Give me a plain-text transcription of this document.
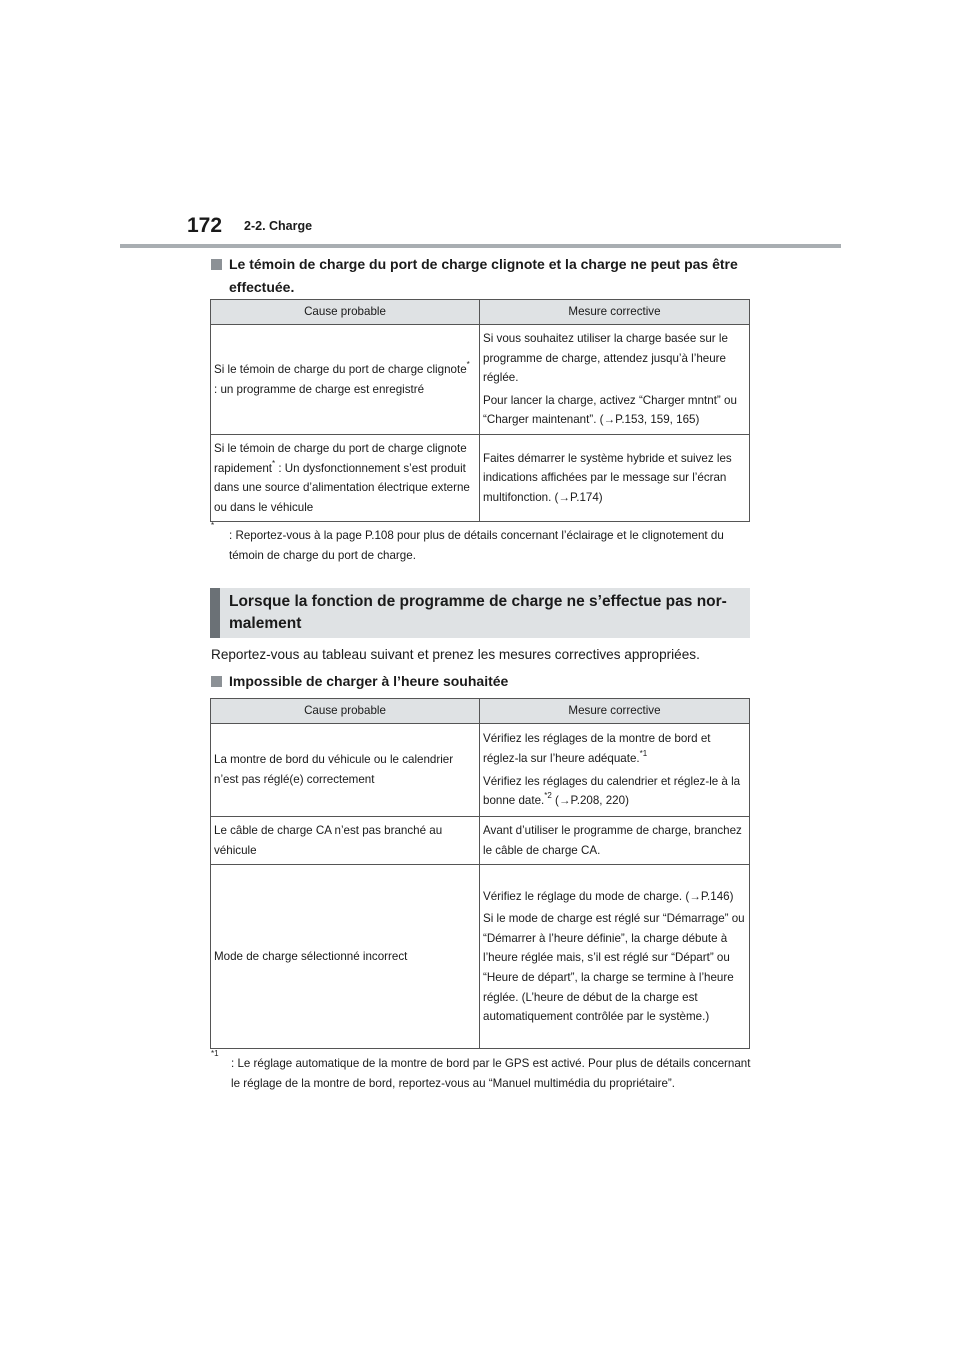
172 2-2. Charge
Le témoin de charge du port de charge clignote et la charge ne peut pas être effectuée.
Cause probable	Mesure corrective
Si le témoin de charge du port de charge clignote* : un programme de charge est enregistré	Si vous souhaitez utiliser la charge basée sur le programme de charge, attendez jusqu’à l’heure réglée.

Pour lancer la charge, activez “Charger mntnt” ou “Charger maintenant”. (→P.153, 159, 165)

Si le témoin de charge du port de charge clignote rapidement* : Un dysfonctionnement s’est produit dans une source d’alimentation électrique externe ou dans le véhicule	Faites démarrer le système hybride et suivez les indications affichées par le message sur l’écran multifonction. (→P.174)

*
: Reportez-vous à la page P.108 pour plus de détails concernant l’éclairage et le clignotement du témoin de charge du port de charge.
Lorsque la fonction de programme de charge ne s’effectue pas normalement
Reportez-vous au tableau suivant et prenez les mesures correctives appropriées.
Impossible de charger à l’heure souhaitée
Cause probable	Mesure corrective
La montre de bord du véhicule ou le calendrier n’est pas réglé(e) correctement	Vérifiez les réglages de la montre de bord et réglez-la sur l’heure adéquate.$^{*1}$

Vérifiez les réglages du calendrier et réglez-le à la bonne date.$^{*2}$ (→P.208, 220)

Le câble de charge CA n’est pas branché au véhicule	Avant d’utiliser le programme de charge, branchez le câble de charge CA.
Mode de charge sélectionné incorrect	Vérifiez le réglage du mode de charge. (→P.146)

Si le mode de charge est réglé sur “Démarrage” ou “Démarrer à l’heure définie”, la charge débute à l’heure réglée mais, s’il est réglé sur “Départ” ou “Heure de départ”, la charge se termine à l’heure réglée. (L’heure de début de la charge est automatiquement contrôlée par le système.)

*1
: Le réglage automatique de la montre de bord par le GPS est activé. Pour plus de détails concernant le réglage de la montre de bord, reportez-vous au “Manuel multimédia du propriétaire”.
